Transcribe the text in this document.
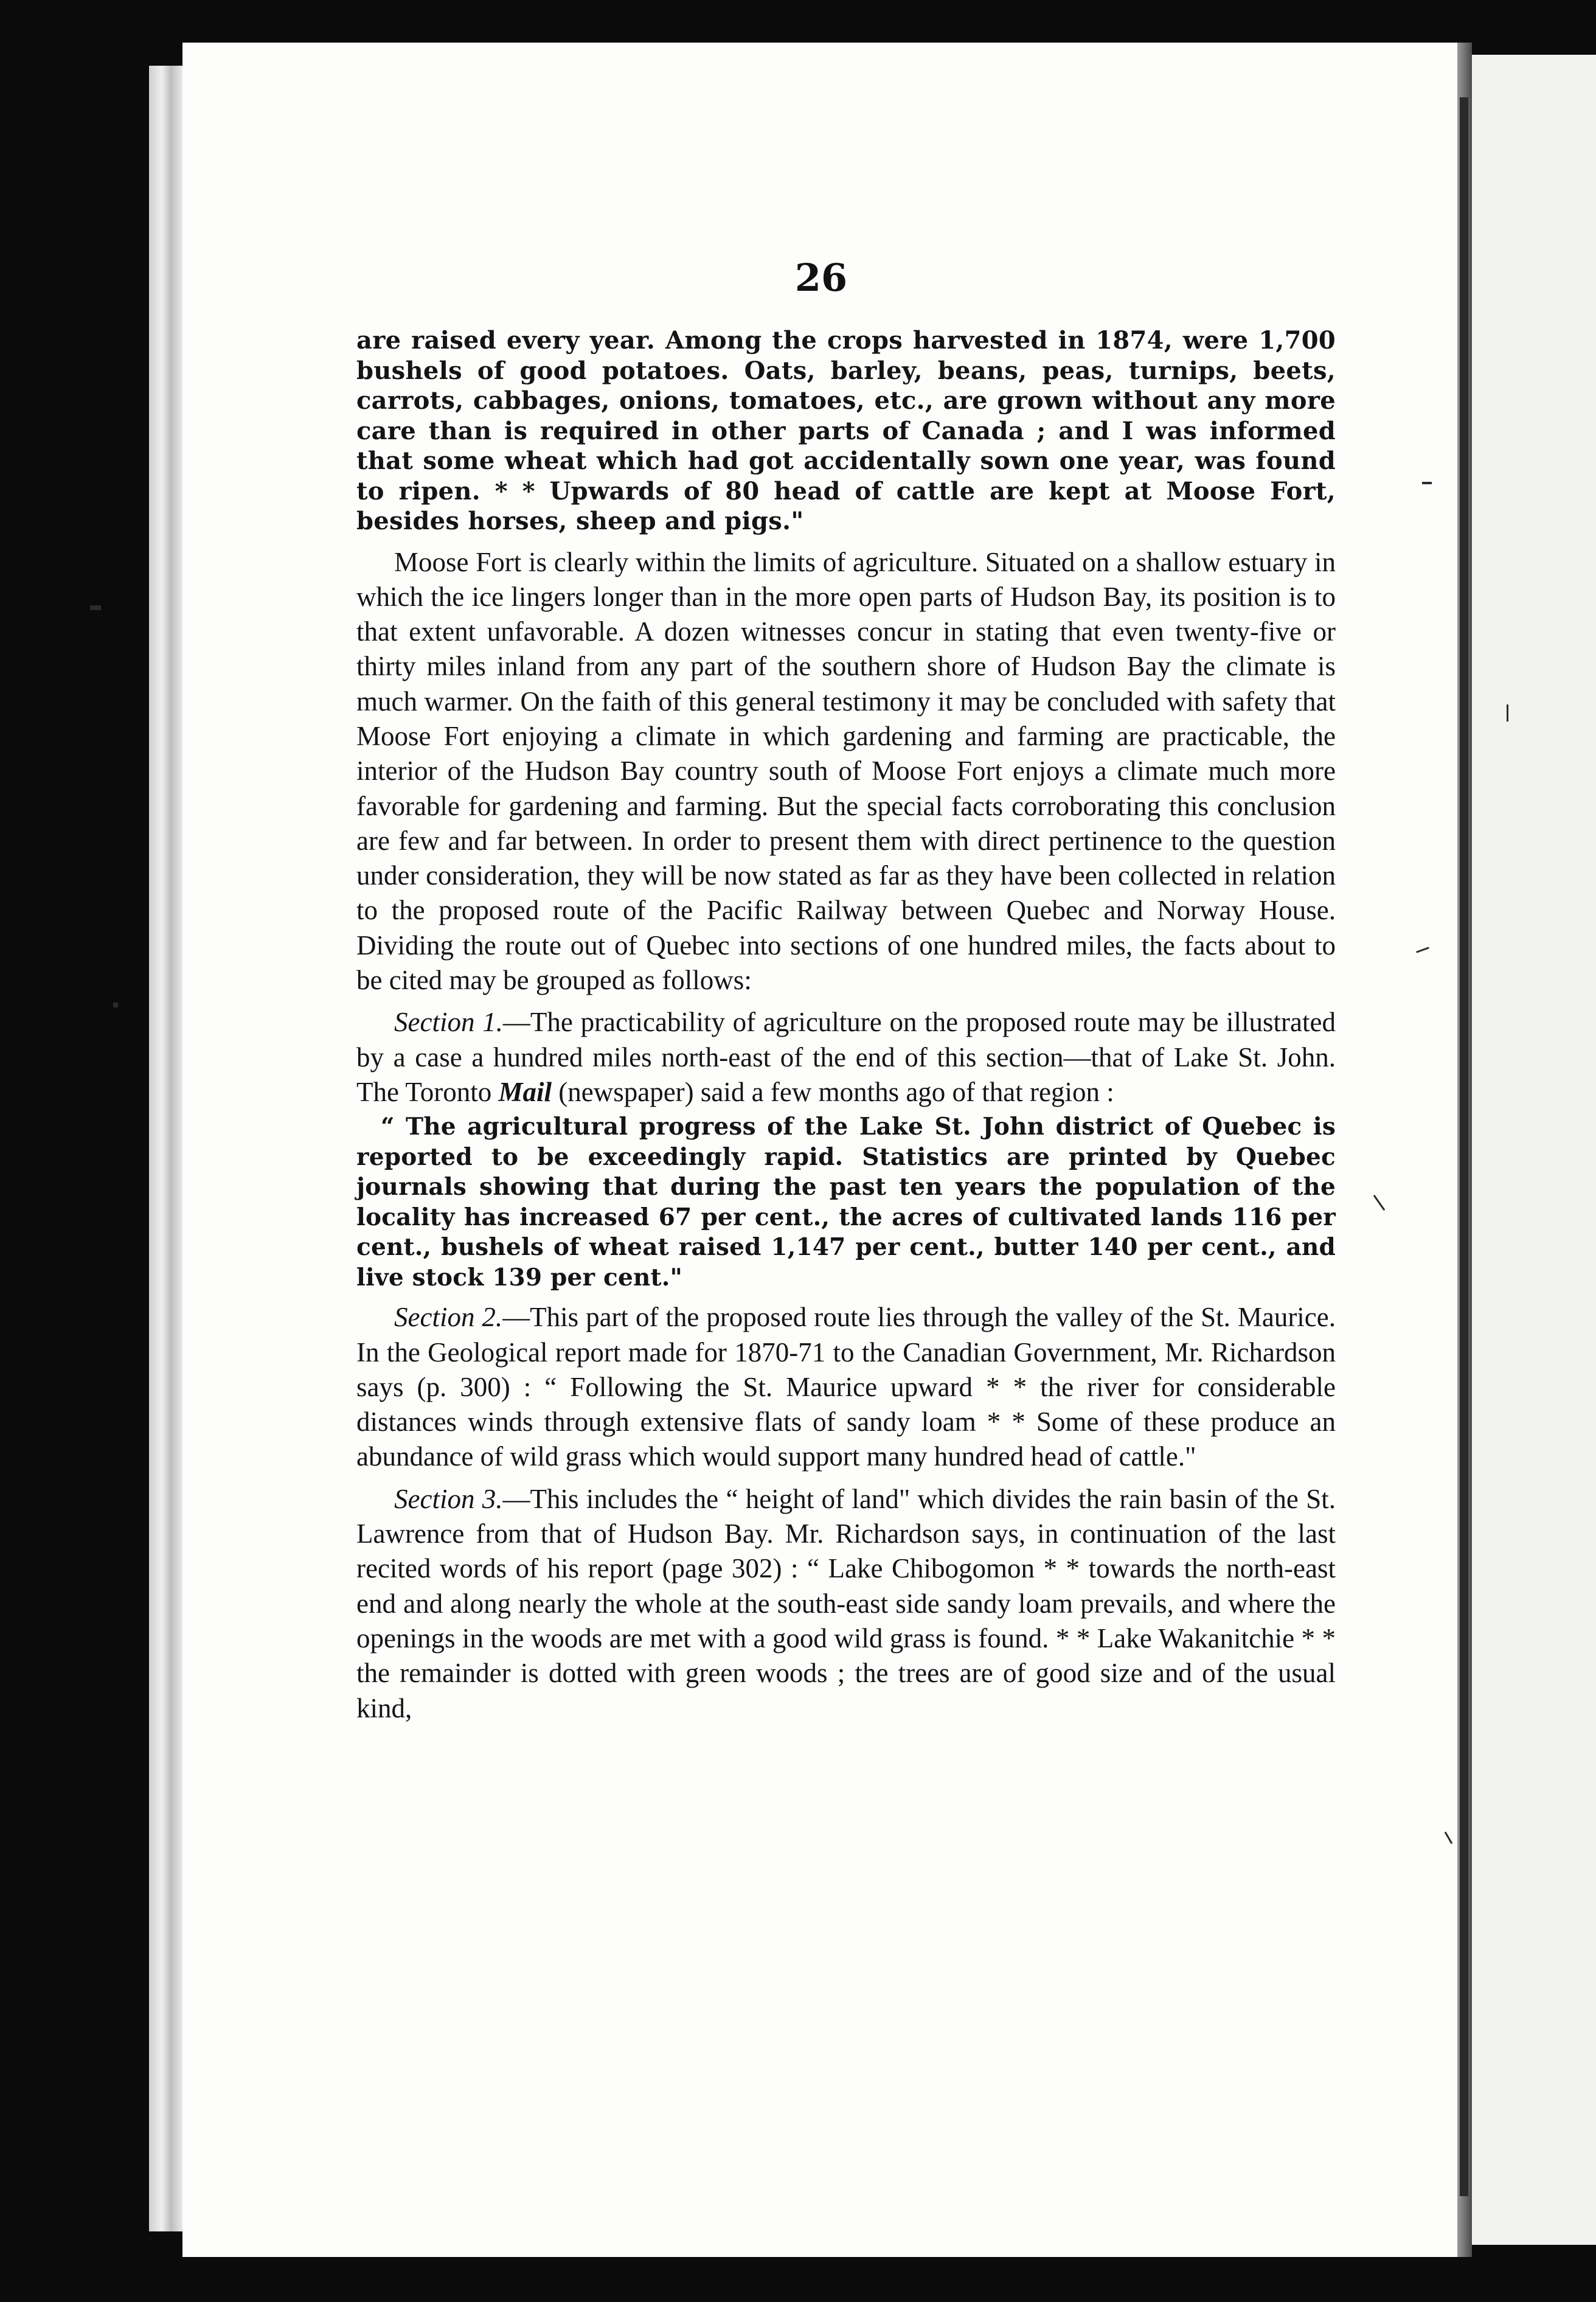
26

are raised every year. Among the crops harvested in 1874, were 1,700 bushels of good potatoes. Oats, barley, beans, peas, turnips, beets, carrots, cabbages, onions, tomatoes, etc., are grown without any more care than is required in other parts of Canada ; and I was informed that some wheat which had got accidentally sown one year, was found to ripen. * * Upwards of 80 head of cattle are kept at Moose Fort, besides horses, sheep and pigs."

Moose Fort is clearly within the limits of agriculture. Situated on a shallow estuary in which the ice lingers longer than in the more open parts of Hudson Bay, its position is to that extent unfavorable. A dozen witnesses concur in stating that even twenty-five or thirty miles inland from any part of the southern shore of Hudson Bay the climate is much warmer. On the faith of this general testimony it may be concluded with safety that Moose Fort enjoying a climate in which gardening and farming are practicable, the interior of the Hudson Bay country south of Moose Fort enjoys a climate much more favorable for gardening and farming. But the special facts corroborating this conclusion are few and far between. In order to present them with direct pertinence to the question under consideration, they will be now stated as far as they have been collected in relation to the proposed route of the Pacific Railway between Quebec and Norway House. Dividing the route out of Quebec into sections of one hundred miles, the facts about to be cited may be grouped as follows:

Section 1.—The practicability of agriculture on the proposed route may be illustrated by a case a hundred miles north-east of the end of this section—that of Lake St. John. The Toronto Mail (newspaper) said a few months ago of that region :

“ The agricultural progress of the Lake St. John district of Quebec is reported to be exceedingly rapid. Statistics are printed by Quebec journals showing that during the past ten years the population of the locality has increased 67 per cent., the acres of cultivated lands 116 per cent., bushels of wheat raised 1,147 per cent., butter 140 per cent., and live stock 139 per cent."

Section 2.—This part of the proposed route lies through the valley of the St. Maurice. In the Geological report made for 1870-71 to the Canadian Government, Mr. Richardson says (p. 300) : “ Following the St. Maurice upward * * the river for considerable distances winds through extensive flats of sandy loam * * Some of these produce an abundance of wild grass which would support many hundred head of cattle."

Section 3.—This includes the “ height of land" which divides the rain basin of the St. Lawrence from that of Hudson Bay. Mr. Richardson says, in continuation of the last recited words of his report (page 302) : “ Lake Chibogomon * * towards the north-east end and along nearly the whole at the south-east side sandy loam prevails, and where the openings in the woods are met with a good wild grass is found. * * Lake Wakanitchie * * the remainder is dotted with green woods ; the trees are of good size and of the usual kind,
